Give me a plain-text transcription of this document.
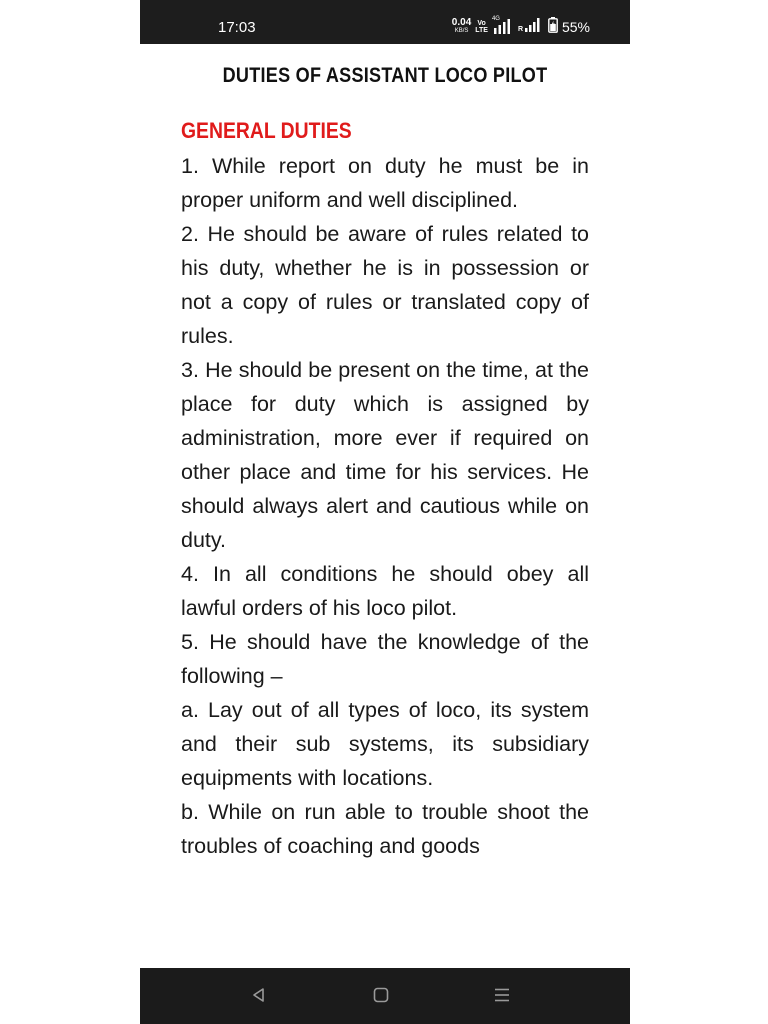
17:03	0.04
KB/S
Vo
LTE
4G
R	55%
DUTIES OF ASSISTANT LOCO PILOT
GENERAL DUTIES

1. While report on duty he must be in proper uniform and well disciplined.

2. He should be aware of rules related to his duty, whether he is in possession or not a copy of rules or translated copy of rules.

3. He should be present on the time, at the place for duty which is assigned by administration, more ever if required on other place and time for his services. He should always alert and cautious while on duty.

4. In all conditions he should obey all lawful orders of his loco pilot.

5. He should have the knowledge of the following –

a. Lay out of all types of loco, its system and their sub systems, its subsidiary equipments with locations.

b. While on run able to trouble shoot the troubles of coaching and goods
